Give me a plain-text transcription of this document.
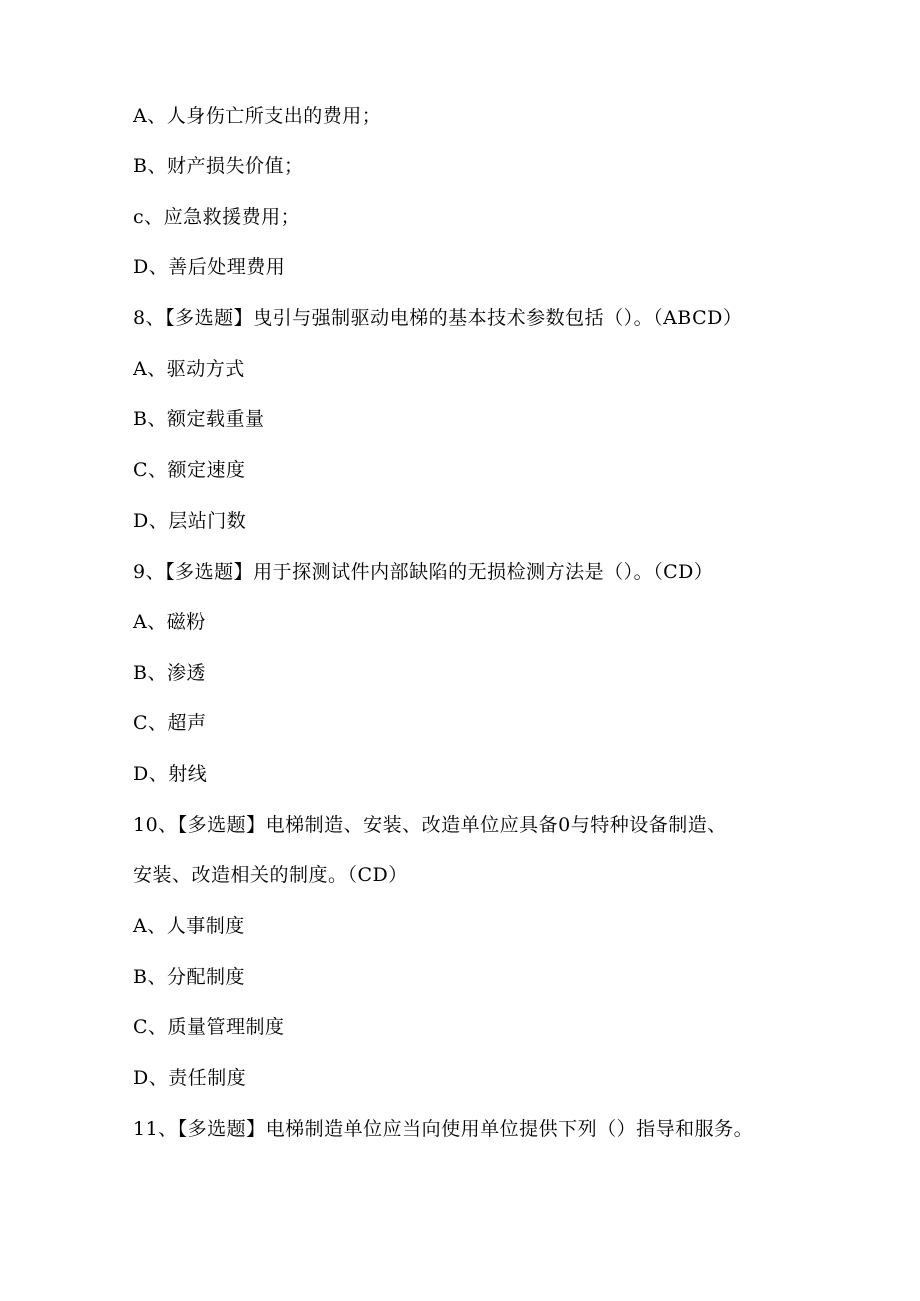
A、人身伤亡所支出的费用；
B、财产损失价值；
c、应急救援费用；
D、善后处理费用
8、【多选题】曳引与强制驱动电梯的基本技术参数包括（）。（ABCD）
A、驱动方式
B、额定载重量
C、额定速度
D、层站门数
9、【多选题】用于探测试件内部缺陷的无损检测方法是（）。（CD）
A、磁粉
B、渗透
C、超声
D、射线
10、【多选题】电梯制造、安装、改造单位应具备0与特种设备制造、
安装、改造相关的制度。（CD）
A、人事制度
B、分配制度
C、质量管理制度
D、责任制度
11、【多选题】电梯制造单位应当向使用单位提供下列（）指导和服务。
